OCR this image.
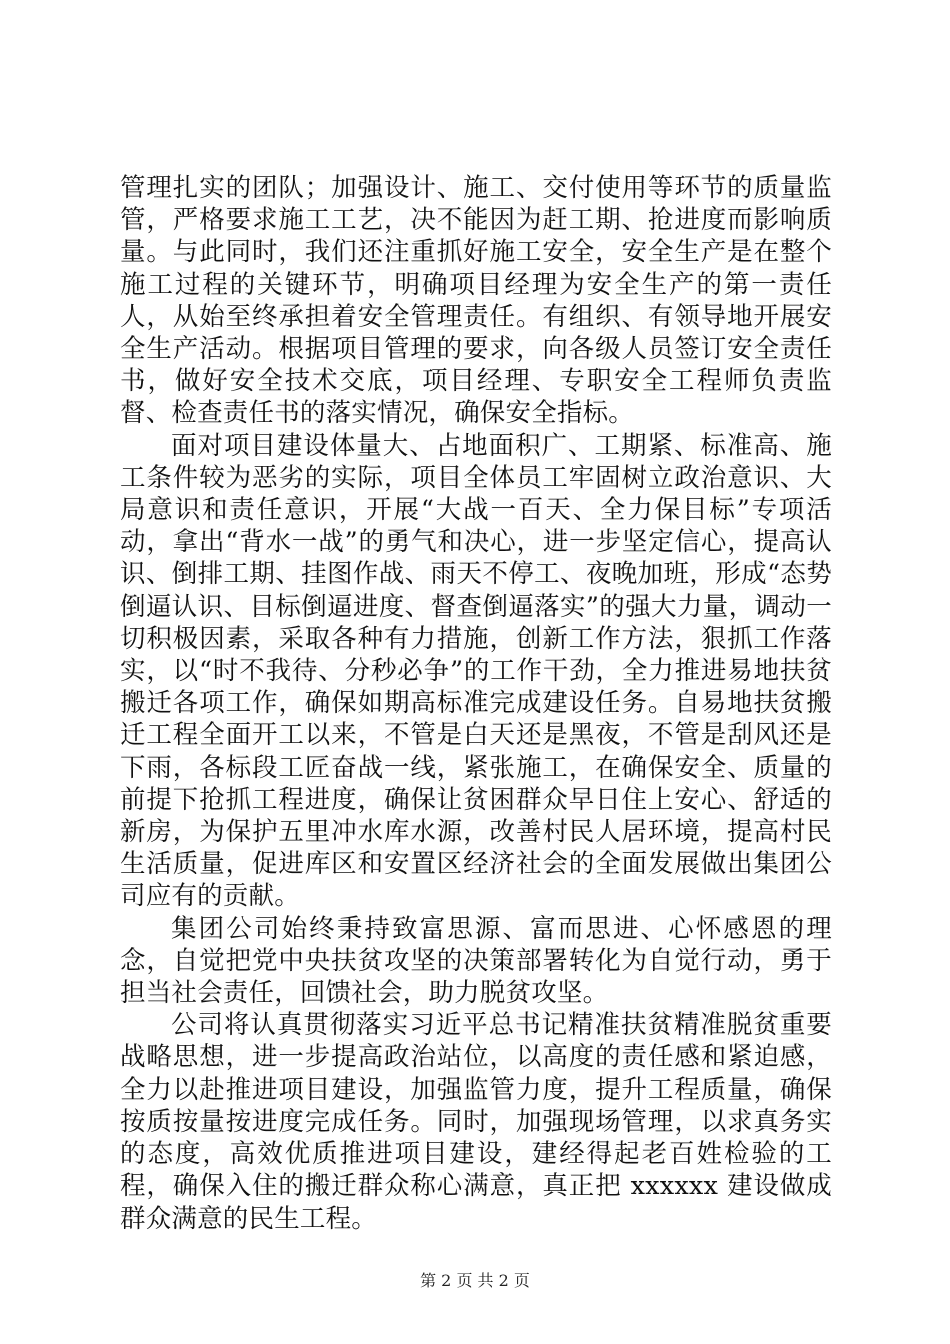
管理扎实的团队；加强设计、施工、交付使用等环节的质量监管，严格要求施工工艺，决不能因为赶工期、抢进度而影响质量。与此同时，我们还注重抓好施工安全，安全生产是在整个施工过程的关键环节，明确项目经理为安全生产的第一责任人，从始至终承担着安全管理责任。有组织、有领导地开展安全生产活动。根据项目管理的要求，向各级人员签订安全责任书，做好安全技术交底，项目经理、专职安全工程师负责监督、检查责任书的落实情况，确保安全指标。

面对项目建设体量大、占地面积广、工期紧、标准高、施工条件较为恶劣的实际，项目全体员工牢固树立政治意识、大局意识和责任意识，开展“大战一百天、全力保目标”专项活动，拿出“背水一战”的勇气和决心，进一步坚定信心，提高认识、倒排工期、挂图作战、雨天不停工、夜晚加班，形成“态势倒逼认识、目标倒逼进度、督查倒逼落实”的强大力量，调动一切积极因素，采取各种有力措施，创新工作方法，狠抓工作落实，以“时不我待、分秒必争”的工作干劲，全力推进易地扶贫搬迁各项工作，确保如期高标准完成建设任务。自易地扶贫搬迁工程全面开工以来，不管是白天还是黑夜，不管是刮风还是下雨，各标段工匠奋战一线，紧张施工，在确保安全、质量的前提下抢抓工程进度，确保让贫困群众早日住上安心、舒适的新房，为保护五里冲水库水源，改善村民人居环境，提高村民生活质量，促进库区和安置区经济社会的全面发展做出集团公司应有的贡献。

集团公司始终秉持致富思源、富而思进、心怀感恩的理念，自觉把党中央扶贫攻坚的决策部署转化为自觉行动，勇于担当社会责任，回馈社会，助力脱贫攻坚。

公司将认真贯彻落实习近平总书记精准扶贫精准脱贫重要战略思想，进一步提高政治站位，以高度的责任感和紧迫感，全力以赴推进项目建设，加强监管力度，提升工程质量，确保按质按量按进度完成任务。同时，加强现场管理，以求真务实的态度，高效优质推进项目建设，建经得起老百姓检验的工程，确保入住的搬迁群众称心满意，真正把 xxxxxx 建设做成群众满意的民生工程。

第 2 页 共 2 页
